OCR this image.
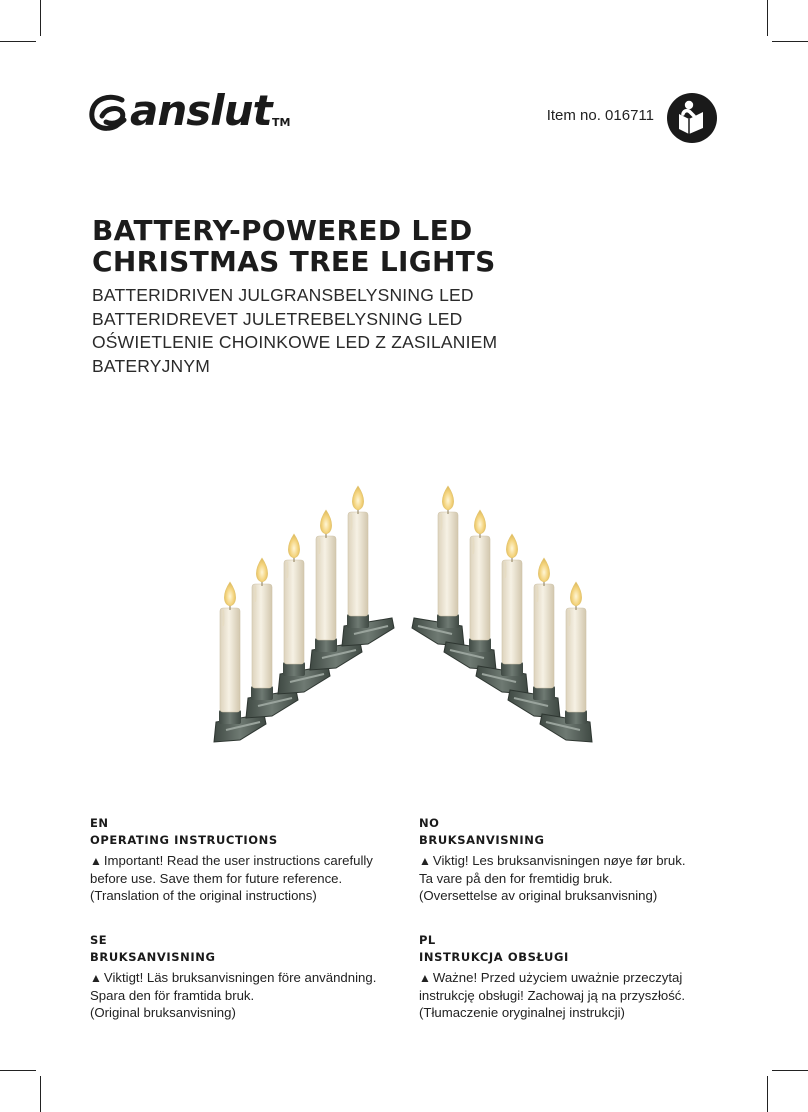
anslut TM	Item no. 016711
BATTERY-POWERED LED
CHRISTMAS TREE LIGHTS
BATTERIDRIVEN JULGRANSBELYSNING LED
BATTERIDREVET JULETREBELYSNING LED
OŚWIETLENIE CHOINKOWE LED Z ZASILANIEM
BATERYJNYM
EN
OPERATING INSTRUCTIONS
▲ Important! Read the user instructions carefully
before use. Save them for future reference.
(Translation of the original instructions)
NO
BRUKSANVISNING
▲ Viktig! Les bruksanvisningen nøye før bruk.
Ta vare på den for fremtidig bruk.
(Oversettelse av original bruksanvisning)
SE
BRUKSANVISNING
▲ Viktigt! Läs bruksanvisningen före användning.
Spara den för framtida bruk.
(Original bruksanvisning)
PL
INSTRUKCJA OBSŁUGI
▲ Ważne! Przed użyciem uważnie przeczytaj
instrukcję obsługi! Zachowaj ją na przyszłość.
(Tłumaczenie oryginalnej instrukcji)
